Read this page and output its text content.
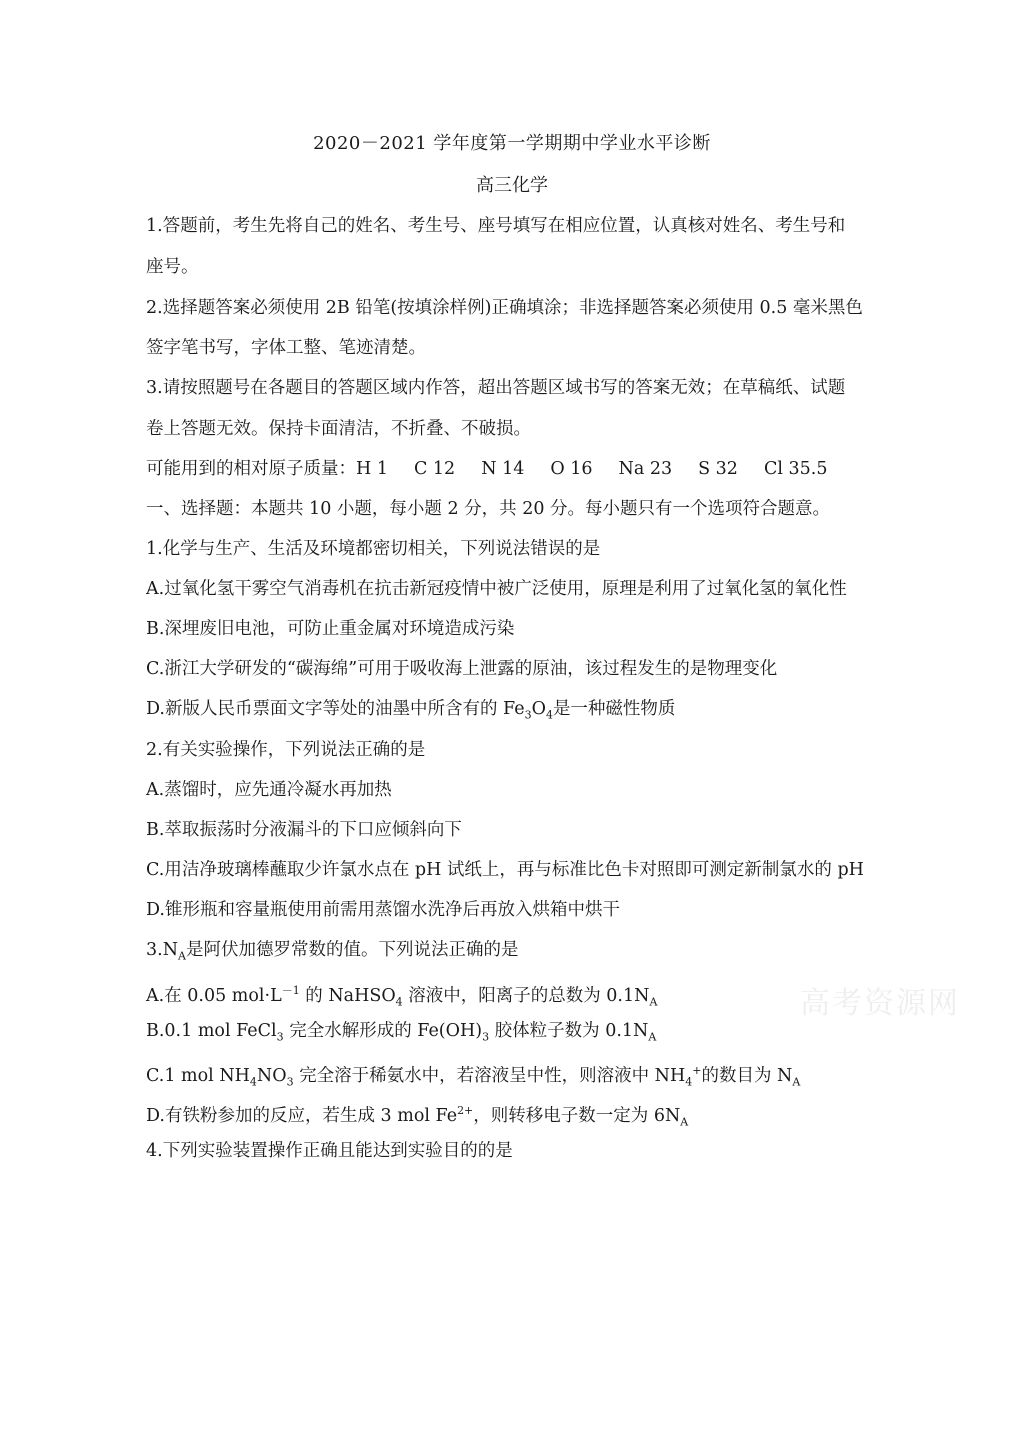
2020－2021 学年度第一学期期中学业水平诊断
高三化学
1.答题前，考生先将自己的姓名、考生号、座号填写在相应位置，认真核对姓名、考生号和
座号。
2.选择题答案必须使用 2B 铅笔(按填涂样例)正确填涂；非选择题答案必须使用 0.5 毫米黑色
签字笔书写，字体工整、笔迹清楚。
3.请按照题号在各题目的答题区域内作答，超出答题区域书写的答案无效；在草稿纸、试题
卷上答题无效。保持卡面清洁，不折叠、不破损。
可能用到的相对原子质量：H 1 C 12 N 14 O 16 Na 23 S 32 Cl 35.5
一、选择题：本题共 10 小题，每小题 2 分，共 20 分。每小题只有一个选项符合题意。
1.化学与生产、生活及环境都密切相关，下列说法错误的是
A.过氧化氢干雾空气消毒机在抗击新冠疫情中被广泛使用，原理是利用了过氧化氢的氧化性
B.深埋废旧电池，可防止重金属对环境造成污染
C.浙江大学研发的“碳海绵”可用于吸收海上泄露的原油，该过程发生的是物理变化
D.新版人民币票面文字等处的油墨中所含有的 $Fe_3O_4$是一种磁性物质
2.有关实验操作，下列说法正确的是
A.蒸馏时，应先通冷凝水再加热
B.萃取振荡时分液漏斗的下口应倾斜向下
C.用洁净玻璃棒蘸取少许氯水点在 pH 试纸上，再与标准比色卡对照即可测定新制氯水的 pH
D.锥形瓶和容量瓶使用前需用蒸馏水洗净后再放入烘箱中烘干
$3.N_A$是阿伏加德罗常数的值。下列说法正确的是
A.在 0.05 $mol\cdot L^{-1}$ 的 NaHSO$_4$ 溶液中，阳离子的总数为 $0.1N_A$
B.0.1 mol FeCl$_3$ 完全水解形成的 $Fe(OH)_3$ 胶体粒子数为 $0.1N_A$
C.1 mol $NH_4NO_3$ 完全溶于稀氨水中，若溶液呈中性，则溶液中 $NH_4^+$的数目为 $N_A$
D.有铁粉参加的反应，若生成 3 mol $Fe^{2+}$，则转移电子数一定为 $6N_A$
4.下列实验装置操作正确且能达到实验目的的是
高考资源网
